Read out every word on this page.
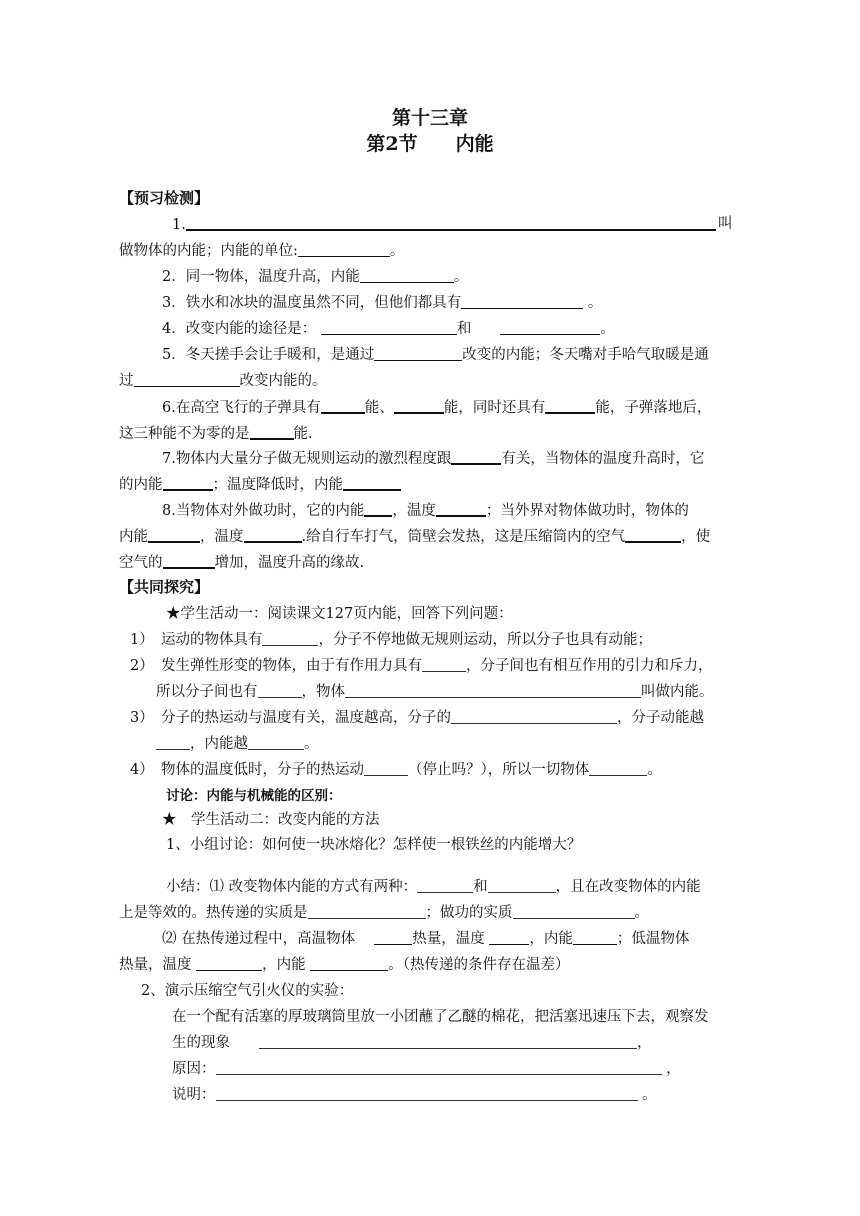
第十三章
第2节　　内能
【预习检测】
1.	叫
做物体的内能；内能的单位:	。
2．同一物体，温度升高，内能	。
3．铁水和冰块的温度虽然不同，但他们都具有	。
4．改变内能的途径是：	和　　	。
5．冬天搓手会让手暖和，是通过	改变的内能；冬天嘴对手哈气取暖是通
过	改变内能的。
6.在高空飞行的子弹具有	能、	能，同时还具有	能，子弹落地后，
这三种能不为零的是	能.
7.物体内大量分子做无规则运动的激烈程度跟	有关，当物体的温度升高时，它
的内能	；温度降低时，内能
8.当物体对外做功时，它的内能 ，温度	；当外界对物体做功时，物体的
内能	，温度	.给自行车打气，筒壁会发热，这是压缩筒内的空气	，使
空气的	增加，温度升高的缘故.
【共同探究】
★学生活动一：阅读课文127页内能，回答下列问题：
1）　 运动的物体具有	，分子不停地做无规则运动，所以分子也具有动能；
2）　 发生弹性形变的物体，由于有作用力具有	，分子间也有相互作用的引力和斥力，
所以分子间也有	，物体	叫做内能。
3）　 分子的热运动与温度有关，温度越高，分子的	，分子动能越
，内能越	。
4）　 物体的温度低时，分子的热运动	（停止吗？），所以一切物体	。
讨论：内能与机械能的区别：
★　学生活动二：改变内能的方法
1、小组讨论：如何使一块冰熔化？怎样使一根铁丝的内能增大？
小结：⑴ 改变物体内能的方式有两种：	和	，且在改变物体的内能
上是等效的。热传递的实质是	；做功的实质	。
⑵ 在热传递过程中，高温物体　	热量，温度	，内能	；低温物体
热量，温度	，内能	。（热传递的条件存在温差）
2、演示压缩空气引火仪的实验：
在一个配有活塞的厚玻璃筒里放一小团蘸了乙醚的棉花，把活塞迅速压下去，观察发
生的现象　　	，
原因：	，
说明：	。
